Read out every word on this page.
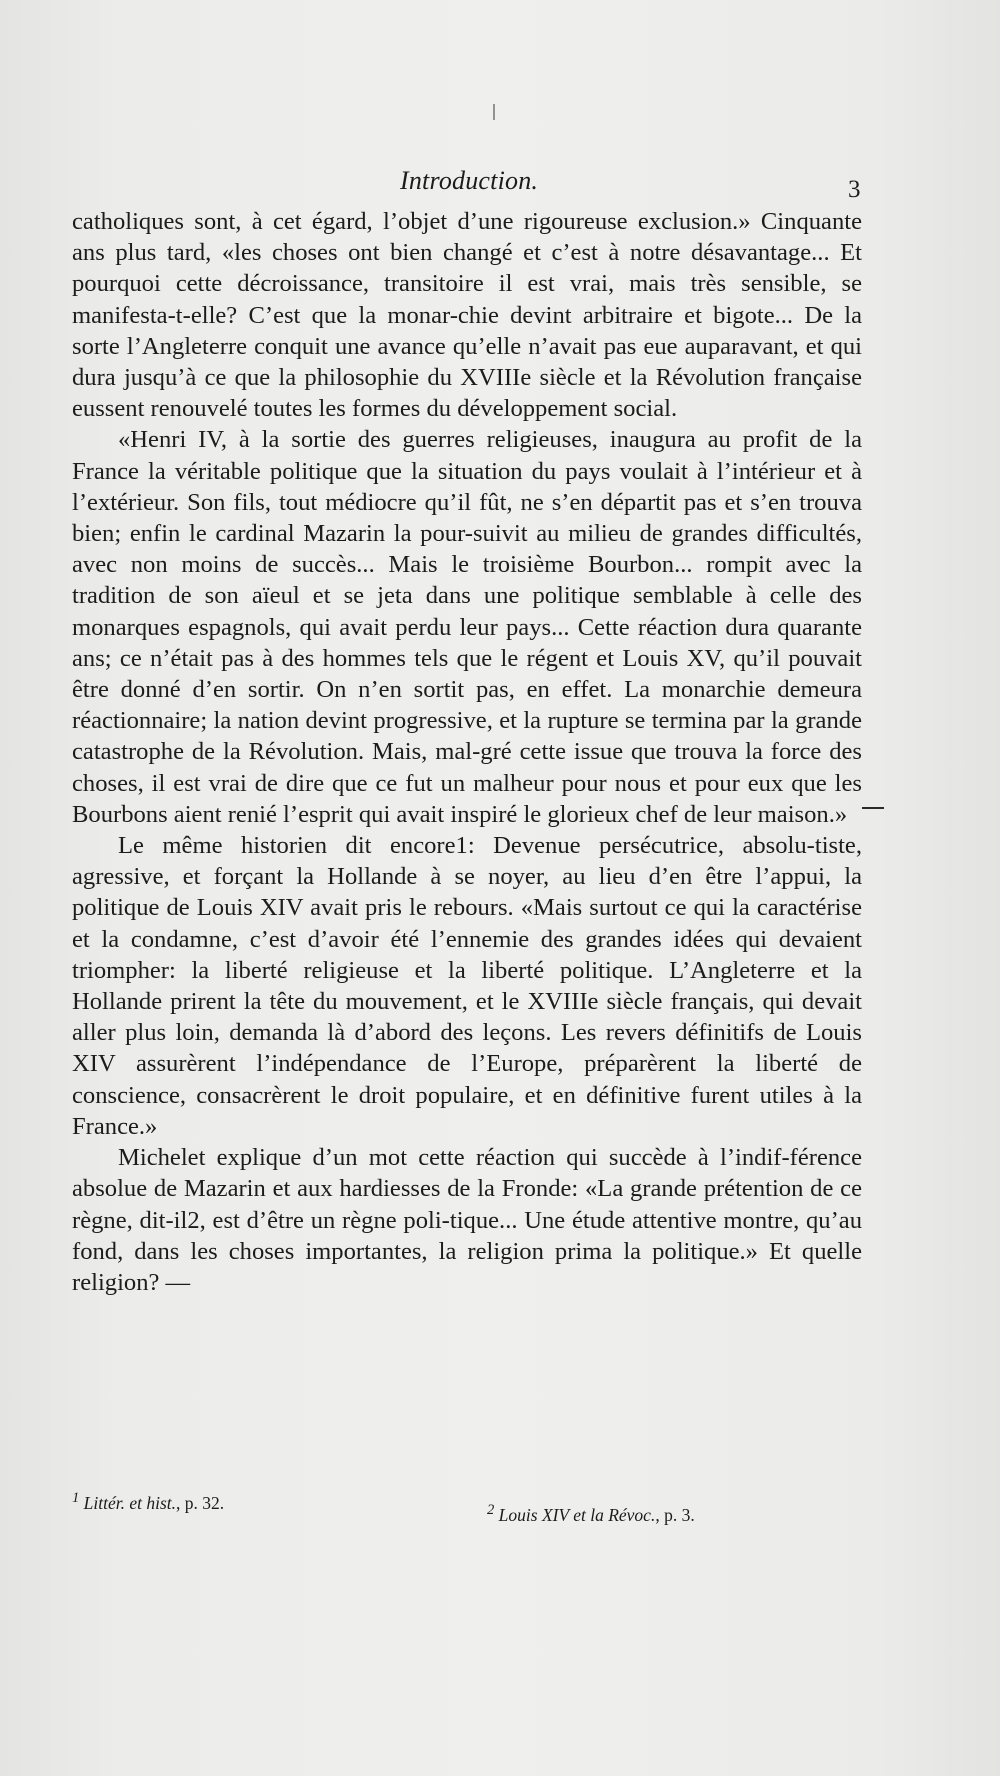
Introduction.	3

catholiques sont, à cet égard, l’objet d’une rigoureuse exclusion.» Cinquante ans plus tard, «les choses ont bien changé et c’est à notre désavantage... Et pourquoi cette décroissance, transitoire il est vrai, mais très sensible, se manifesta-t-elle? C’est que la monar-chie devint arbitraire et bigote... De la sorte l’Angleterre conquit une avance qu’elle n’avait pas eue auparavant, et qui dura jusqu’à ce que la philosophie du XVIIIe siècle et la Révolution française eussent renouvelé toutes les formes du développement social.

«Henri IV, à la sortie des guerres religieuses, inaugura au profit de la France la véritable politique que la situation du pays voulait à l’intérieur et à l’extérieur. Son fils, tout médiocre qu’il fût, ne s’en départit pas et s’en trouva bien; enfin le cardinal Mazarin la pour-suivit au milieu de grandes difficultés, avec non moins de succès... Mais le troisième Bourbon... rompit avec la tradition de son aïeul et se jeta dans une politique semblable à celle des monarques espagnols, qui avait perdu leur pays... Cette réaction dura quarante ans; ce n’était pas à des hommes tels que le régent et Louis XV, qu’il pouvait être donné d’en sortir. On n’en sortit pas, en effet. La monarchie demeura réactionnaire; la nation devint progressive, et la rupture se termina par la grande catastrophe de la Révolution. Mais, mal-gré cette issue que trouva la force des choses, il est vrai de dire que ce fut un malheur pour nous et pour eux que les Bourbons aient renié l’esprit qui avait inspiré le glorieux chef de leur maison.»

Le même historien dit encore1: Devenue persécutrice, absolu-tiste, agressive, et forçant la Hollande à se noyer, au lieu d’en être l’appui, la politique de Louis XIV avait pris le rebours. «Mais surtout ce qui la caractérise et la condamne, c’est d’avoir été l’ennemie des grandes idées qui devaient triompher: la liberté religieuse et la liberté politique. L’Angleterre et la Hollande prirent la tête du mouvement, et le XVIIIe siècle français, qui devait aller plus loin, demanda là d’abord des leçons. Les revers définitifs de Louis XIV assurèrent l’indépendance de l’Europe, préparèrent la liberté de conscience, consacrèrent le droit populaire, et en définitive furent utiles à la France.»

Michelet explique d’un mot cette réaction qui succède à l’indif-férence absolue de Mazarin et aux hardiesses de la Fronde: «La grande prétention de ce règne, dit-il2, est d’être un règne poli-tique... Une étude attentive montre, qu’au fond, dans les choses importantes, la religion prima la politique.» Et quelle religion? —

$^1$ Littér. et hist., p. 32.	$^2$ Louis XIV et la Révoc., p. 3.
